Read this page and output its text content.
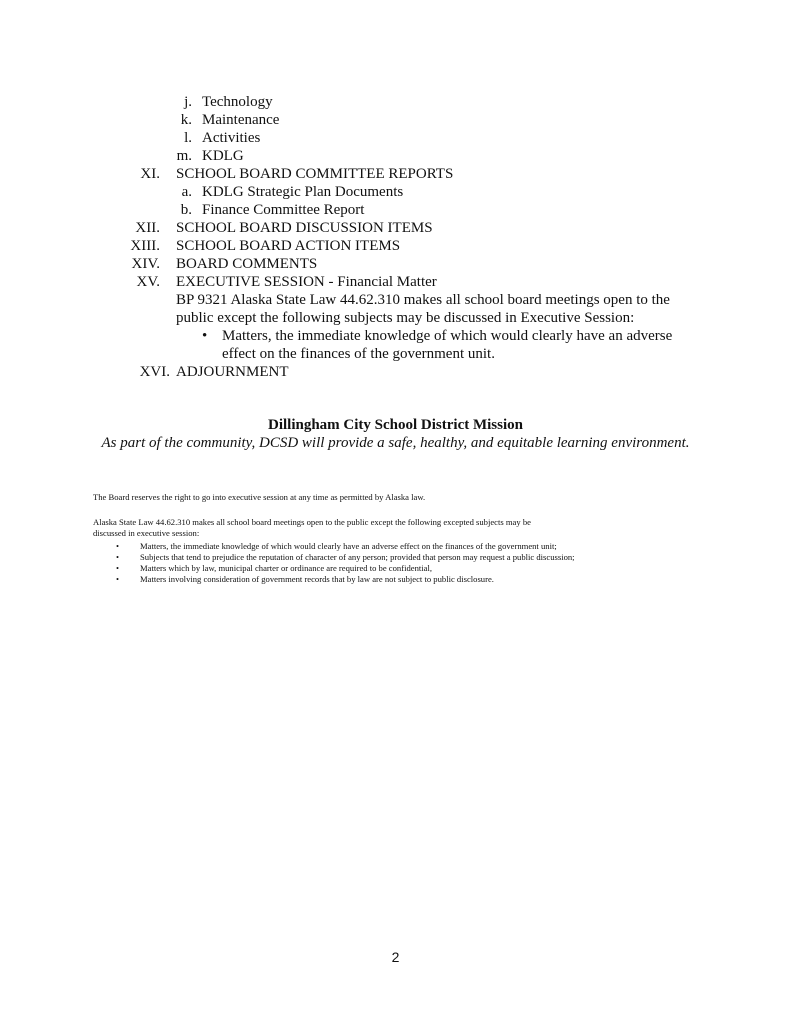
j. Technology
k. Maintenance
l. Activities
m. KDLG
XI. SCHOOL BOARD COMMITTEE REPORTS
a. KDLG Strategic Plan Documents
b. Finance Committee Report
XII. SCHOOL BOARD DISCUSSION ITEMS
XIII. SCHOOL BOARD ACTION ITEMS
XIV. BOARD COMMENTS
XV. EXECUTIVE SESSION - Financial Matter
BP 9321 Alaska State Law 44.62.310 makes all school board meetings open to the
public except the following subjects may be discussed in Executive Session:
• Matters, the immediate knowledge of which would clearly have an adverse
effect on the finances of the government unit.
XVI. ADJOURNMENT
Dillingham City School District Mission
As part of the community, DCSD will provide a safe, healthy, and equitable learning environment.
The Board reserves the right to go into executive session at any time as permitted by Alaska law.
Alaska State Law 44.62.310 makes all school board meetings open to the public except the following excepted subjects may be discussed in executive session:
• Matters, the immediate knowledge of which would clearly have an adverse effect on the finances of the government unit;
• Subjects that tend to prejudice the reputation of character of any person; provided that person may request a public discussion;
• Matters which by law, municipal charter or ordinance are required to be confidential,
• Matters involving consideration of government records that by law are not subject to public disclosure.
2
